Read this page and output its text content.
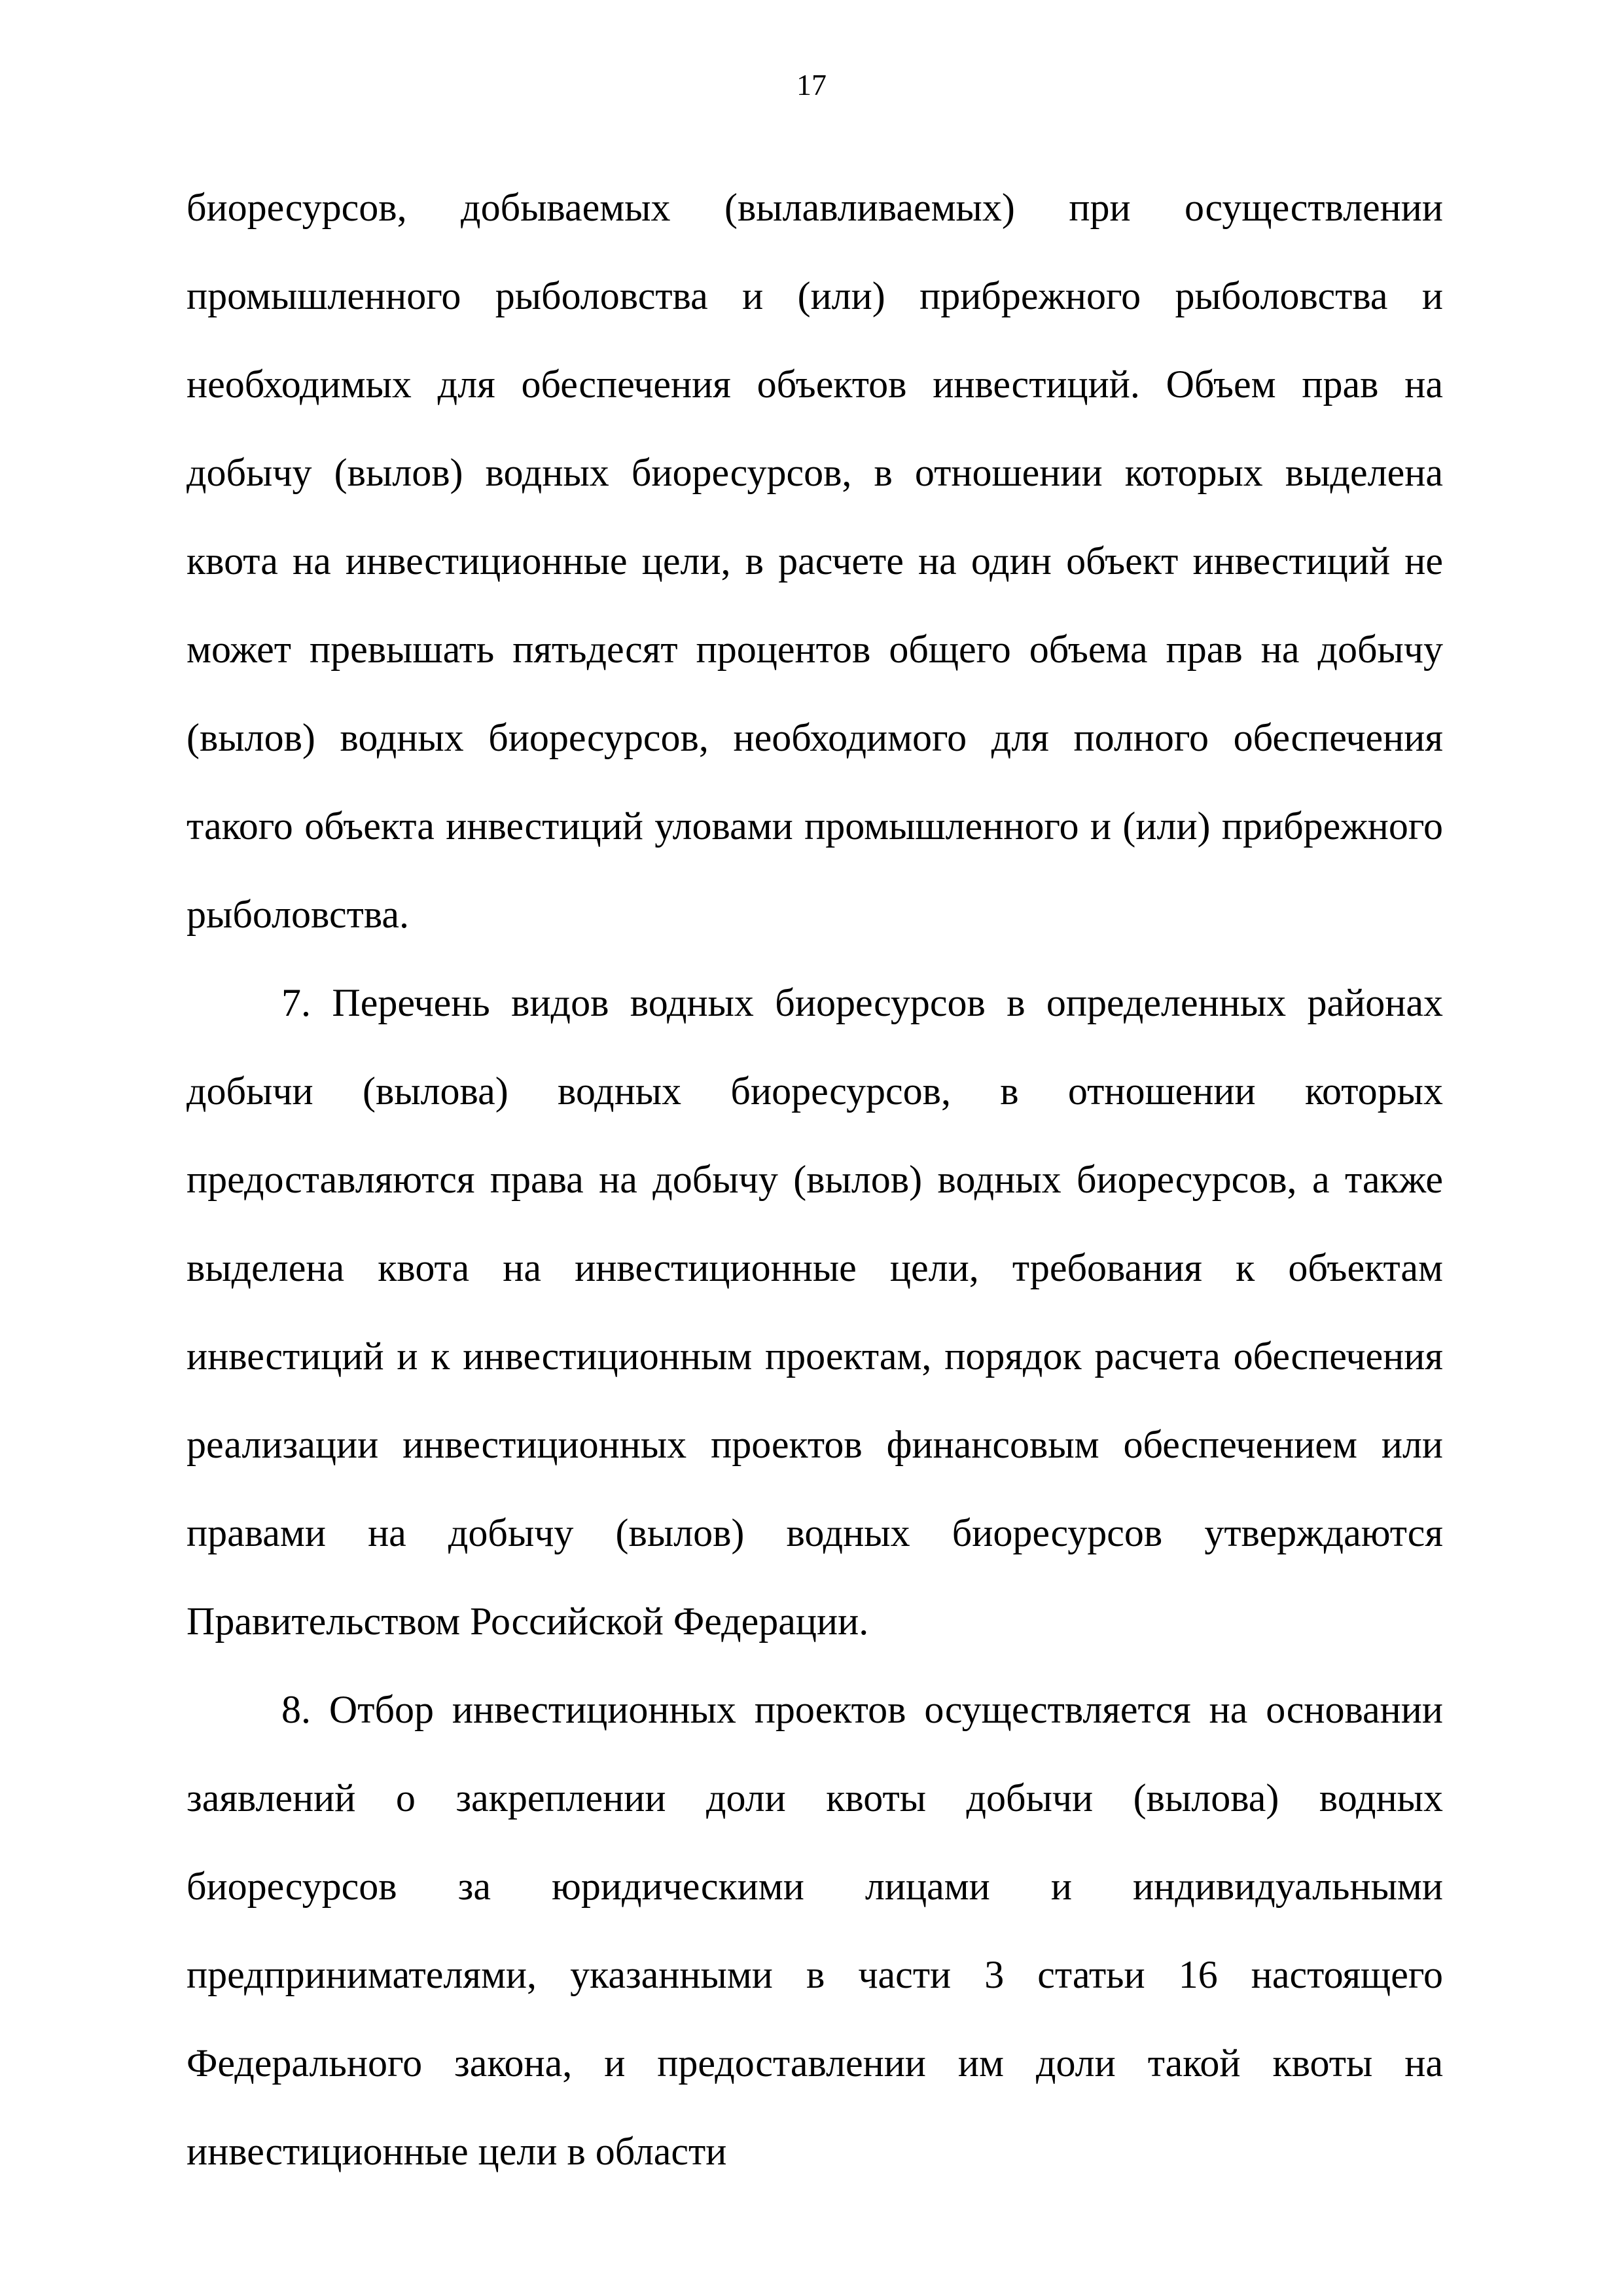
17

биоресурсов, добываемых (вылавливаемых) при осуществлении промышленного рыболовства и (или) прибрежного рыболовства и необходимых для обеспечения объектов инвестиций. Объем прав на добычу (вылов) водных биоресурсов, в отношении которых выделена квота на инвестиционные цели, в расчете на один объект инвестиций не может превышать пятьдесят процентов общего объема прав на добычу (вылов) водных биоресурсов, необходимого для полного обеспечения такого объекта инвестиций уловами промышленного и (или) прибрежного рыболовства.

7. Перечень видов водных биоресурсов в определенных районах добычи (вылова) водных биоресурсов, в отношении которых предоставляются права на добычу (вылов) водных биоресурсов, а также выделена квота на инвестиционные цели, требования к объектам инвестиций и к инвестиционным проектам, порядок расчета обеспечения реализации инвестиционных проектов финансовым обеспечением или правами на добычу (вылов) водных биоресурсов утверждаются Правительством Российской Федерации.

8. Отбор инвестиционных проектов осуществляется на основании заявлений о закреплении доли квоты добычи (вылова) водных биоресурсов за юридическими лицами и индивидуальными предпринимателями, указанными в части 3 статьи 16 настоящего Федерального закона, и предоставлении им доли такой квоты на инвестиционные цели в области
